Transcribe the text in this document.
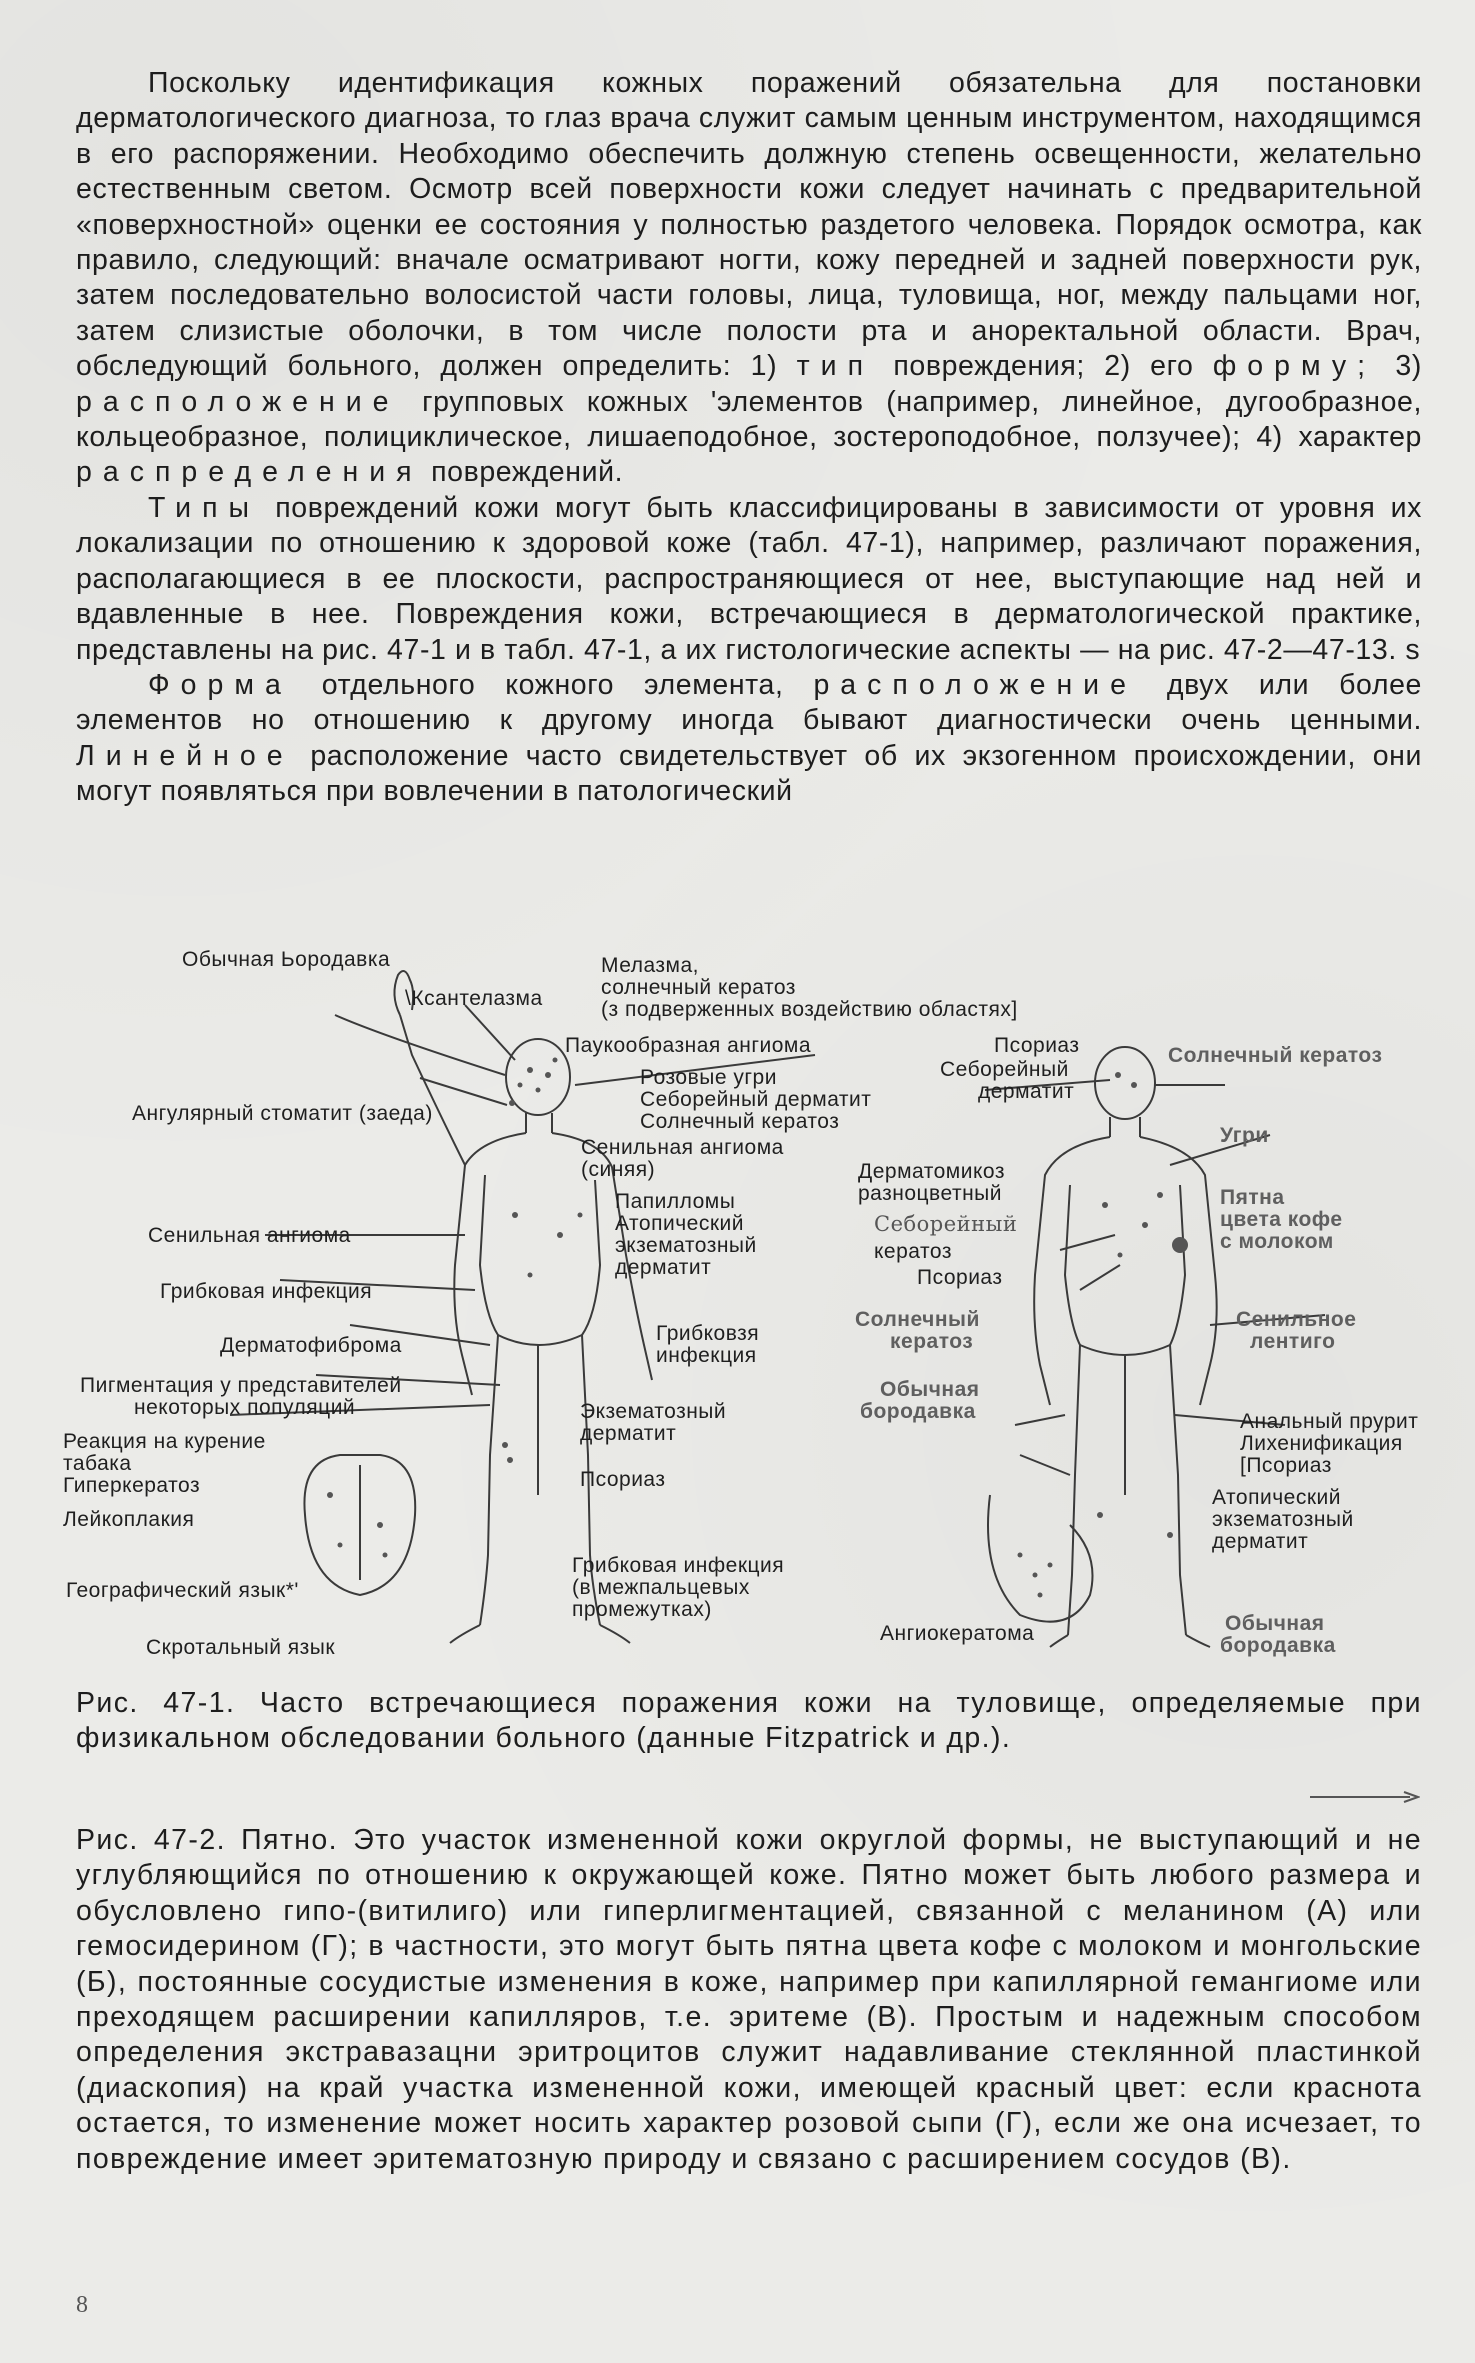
Поскольку идентификация кожных поражений обязательна для постановки дерматологического диагноза, то глаз врача служит самым ценным инструментом, находящимся в его распоряжении. Необходимо обеспечить должную степень освещенности, желательно естественным светом. Осмотр всей поверхности кожи следует начинать с предварительной «поверхностной» оценки ее состояния у полностью раздетого человека. Порядок осмотра, как правило, следующий: вначале осматривают ногти, кожу передней и задней поверхности рук, затем последовательно волосистой части головы, лица, туловища, ног, между пальцами ног, затем слизистые оболочки, в том числе полости рта и аноректальной области. Врач, обследующий больного, должен определить: 1) тип повреждения; 2) его форму; 3) расположение групповых кожных 'элементов (например, линейное, дугообразное, кольцеобразное, полициклическое, лишаеподобное, зостероподобное, ползучее); 4) характер распределения повреждений.

Типы повреждений кожи могут быть классифицированы в зависимости от уровня их локализации по отношению к здоровой коже (табл. 47-1), например, различают поражения, располагающиеся в ее плоскости, распространяющиеся от нее, выступающие над ней и вдавленные в нее. Повреждения кожи, встречающиеся в дерматологической практике, представлены на рис. 47-1 и в табл. 47-1, а их гистологические аспекты — на рис. 47-2—47-13. s

Форма отдельного кожного элемента, расположение двух или более элементов но отношению к другому иногда бывают диагностически очень ценными. Линейное расположение часто свидетельствует об их экзогенном происхождении, они могут появляться при вовлечении в патологический

Обычная Ьородавка
\Ксантелазма
Мелазма,
солнечный кератоз
(з подверженных воздействию областях]
Паукообразная ангиома	Псориаз
Розовые угри
Себорейный дерматит
Солнечный кератоз
Себорейный
дерматит
Солнечный кератоз
Ангулярный стоматит (заеда)
Сенильная ангиома
(синяя)
Папилломы
Атопический
экзематозный
дерматит
Дерматомикоз
разноцветный
Себорейный
кератоз
Псориаз
Угри
Пятна
цвета кофе
с молоком
Сенильная ангиома
Грибковая инфекция
Дерматофиброма
Пигментация у представителей
некоторых популяций
Грибковзя
инфекция
Сенильное
лентиго
Солнечный
кератоз
Обычная
бородавка
Реакция на курение
табака
Гиперкератоз
Лейкоплакия
Экзематозный
дерматит
Псориаз
Анальный прурит
Лихенификация
[Псориаз
Атопический
экзематозный
дерматит
Географический язык*'
Грибковая инфекция
(в межпальцевых
промежутках)
Скротальный язык
Ангиокератома	Обычная
бородавка
Рис. 47-1. Часто встречающиеся поражения кожи на туловище, определяемые при физикальном обследовании больного (данные Fitzpatrick и др.).
Рис. 47-2. Пятно. Это участок измененной кожи округлой формы, не выступающий и не углубляющийся по отношению к окружающей коже. Пятно может быть любого размера и обусловлено гипо-(витилиго) или гиперлигментацией, связанной с меланином (А) или гемосидерином (Г); в частности, это могут быть пятна цвета кофе с молоком и монгольские (Б), постоянные сосудистые изменения в коже, например при капиллярной гемангиоме или преходящем расширении капилляров, т.е. эритеме (В). Простым и надежным способом определения экстравазацни эритроцитов служит надавливание стеклянной пластинкой (диаскопия) на край участка измененной кожи, имеющей красный цвет: если краснота остается, то изменение может носить характер розовой сыпи (Г), если же она исчезает, то повреждение имеет эритематозную природу и связано с расширением сосудов (В).
8
